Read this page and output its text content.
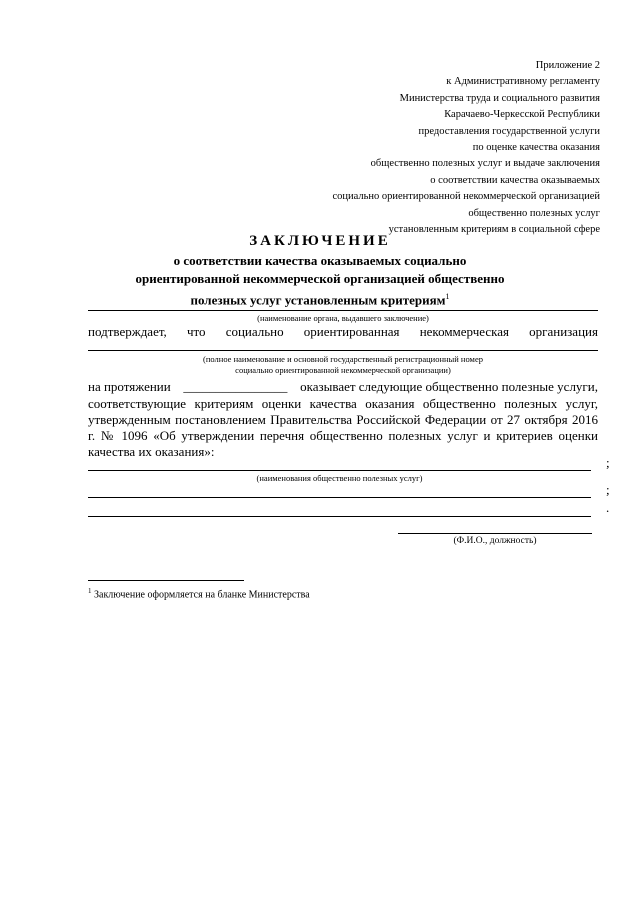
Приложение 2
к Административному регламенту
Министерства труда и социального развития
Карачаево-Черкесской Республики
предоставления государственной услуги
по оценке качества оказания
общественно полезных услуг и выдаче заключения
о соответствии качества оказываемых
социально ориентированной некоммерческой организацией
общественно полезных услуг
установленным критериям в социальной сфере
ЗАКЛЮЧЕНИЕ
о соответствии качества оказываемых социально
ориентированной некоммерческой организацией общественно
полезных услуг установленным критериям$^1$
(наименование органа, выдавшего заключение)
подтверждает, что социально ориентированная некоммерческая организация
(полное наименование и основной государственный регистрационный номер
социально ориентированной некоммерческой организации)
на протяжении ________________ оказывает следующие общественно полезные услуги,
соответствующие критериям оценки качества оказания общественно полезных услуг,
утвержденным постановлением Правительства Российской Федерации от 27 октября 2016
г. № 1096 «Об утверждении перечня общественно полезных услуг и критериев оценки
качества их оказания»:
;
(наименования общественно полезных услуг)
;
.
(Ф.И.О., должность)
$^1$ Заключение оформляется на бланке Министерства
